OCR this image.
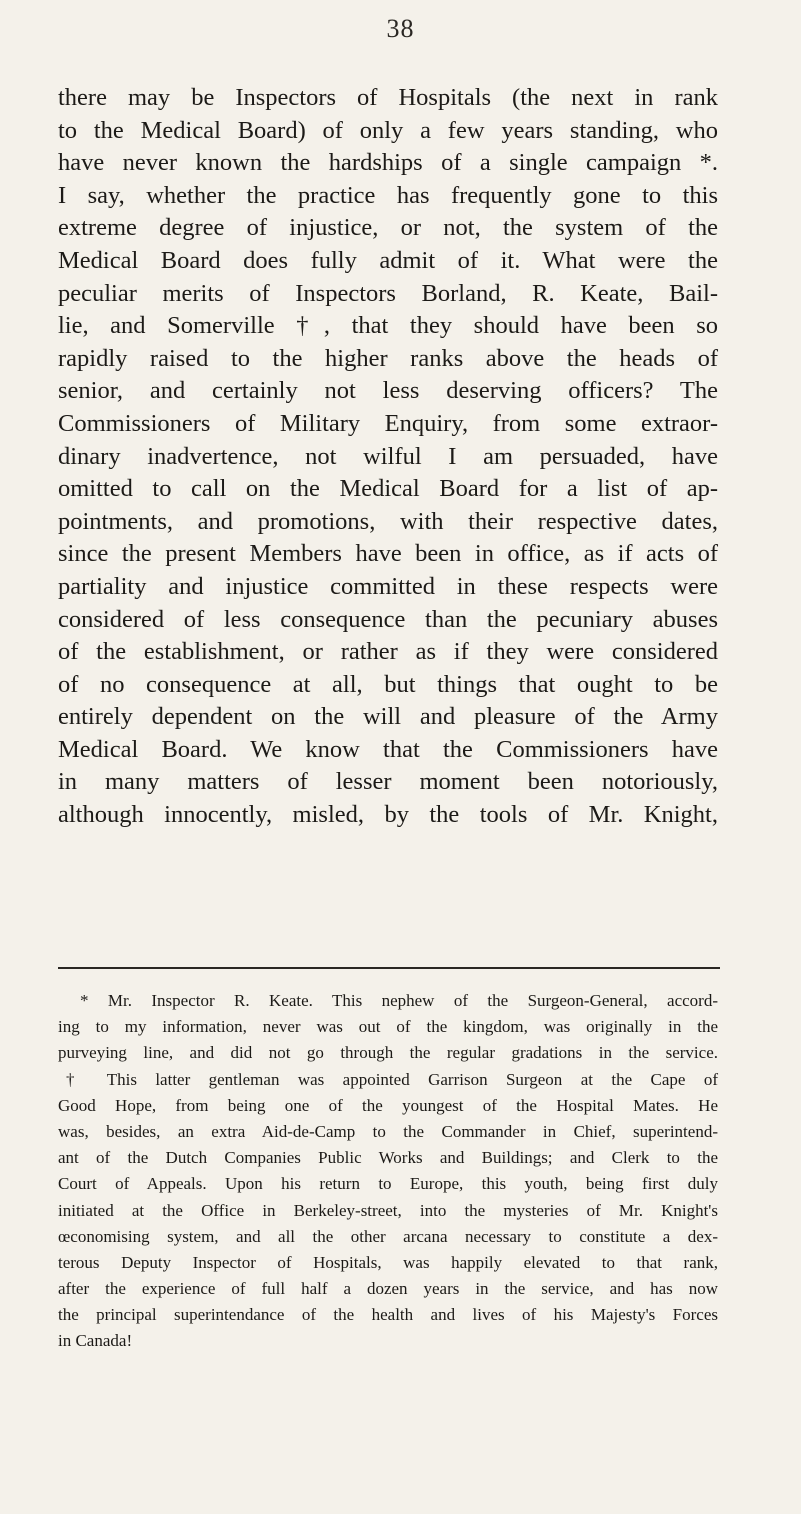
38
there may be Inspectors of Hospitals (the next in rank
to the Medical Board) of only a few years standing, who
have never known the hardships of a single campaign *.
I say, whether the practice has frequently gone to this
extreme degree of injustice, or not, the system of the
Medical Board does fully admit of it. What were the
peculiar merits of Inspectors Borland, R. Keate, Bail-
lie, and Somerville †, that they should have been so
rapidly raised to the higher ranks above the heads of
senior, and certainly not less deserving officers? The
Commissioners of Military Enquiry, from some extraor-
dinary inadvertence, not wilful I am persuaded, have
omitted to call on the Medical Board for a list of ap-
pointments, and promotions, with their respective dates,
since the present Members have been in office, as if acts of
partiality and injustice committed in these respects were
considered of less consequence than the pecuniary abuses
of the establishment, or rather as if they were considered
of no consequence at all, but things that ought to be
entirely dependent on the will and pleasure of the Army
Medical Board. We know that the Commissioners have
in many matters of lesser moment been notoriously,
although innocently, misled, by the tools of Mr. Knight,
* Mr. Inspector R. Keate. This nephew of the Surgeon-General, accord-
ing to my information, never was out of the kingdom, was originally in the
purveying line, and did not go through the regular gradations in the service.
† This latter gentleman was appointed Garrison Surgeon at the Cape of
Good Hope, from being one of the youngest of the Hospital Mates. He
was, besides, an extra Aid-de-Camp to the Commander in Chief, superintend-
ant of the Dutch Companies Public Works and Buildings; and Clerk to the
Court of Appeals. Upon his return to Europe, this youth, being first duly
initiated at the Office in Berkeley-street, into the mysteries of Mr. Knight's
œconomising system, and all the other arcana necessary to constitute a dex-
terous Deputy Inspector of Hospitals, was happily elevated to that rank,
after the experience of full half a dozen years in the service, and has now
the principal superintendance of the health and lives of his Majesty's Forces
in Canada!
